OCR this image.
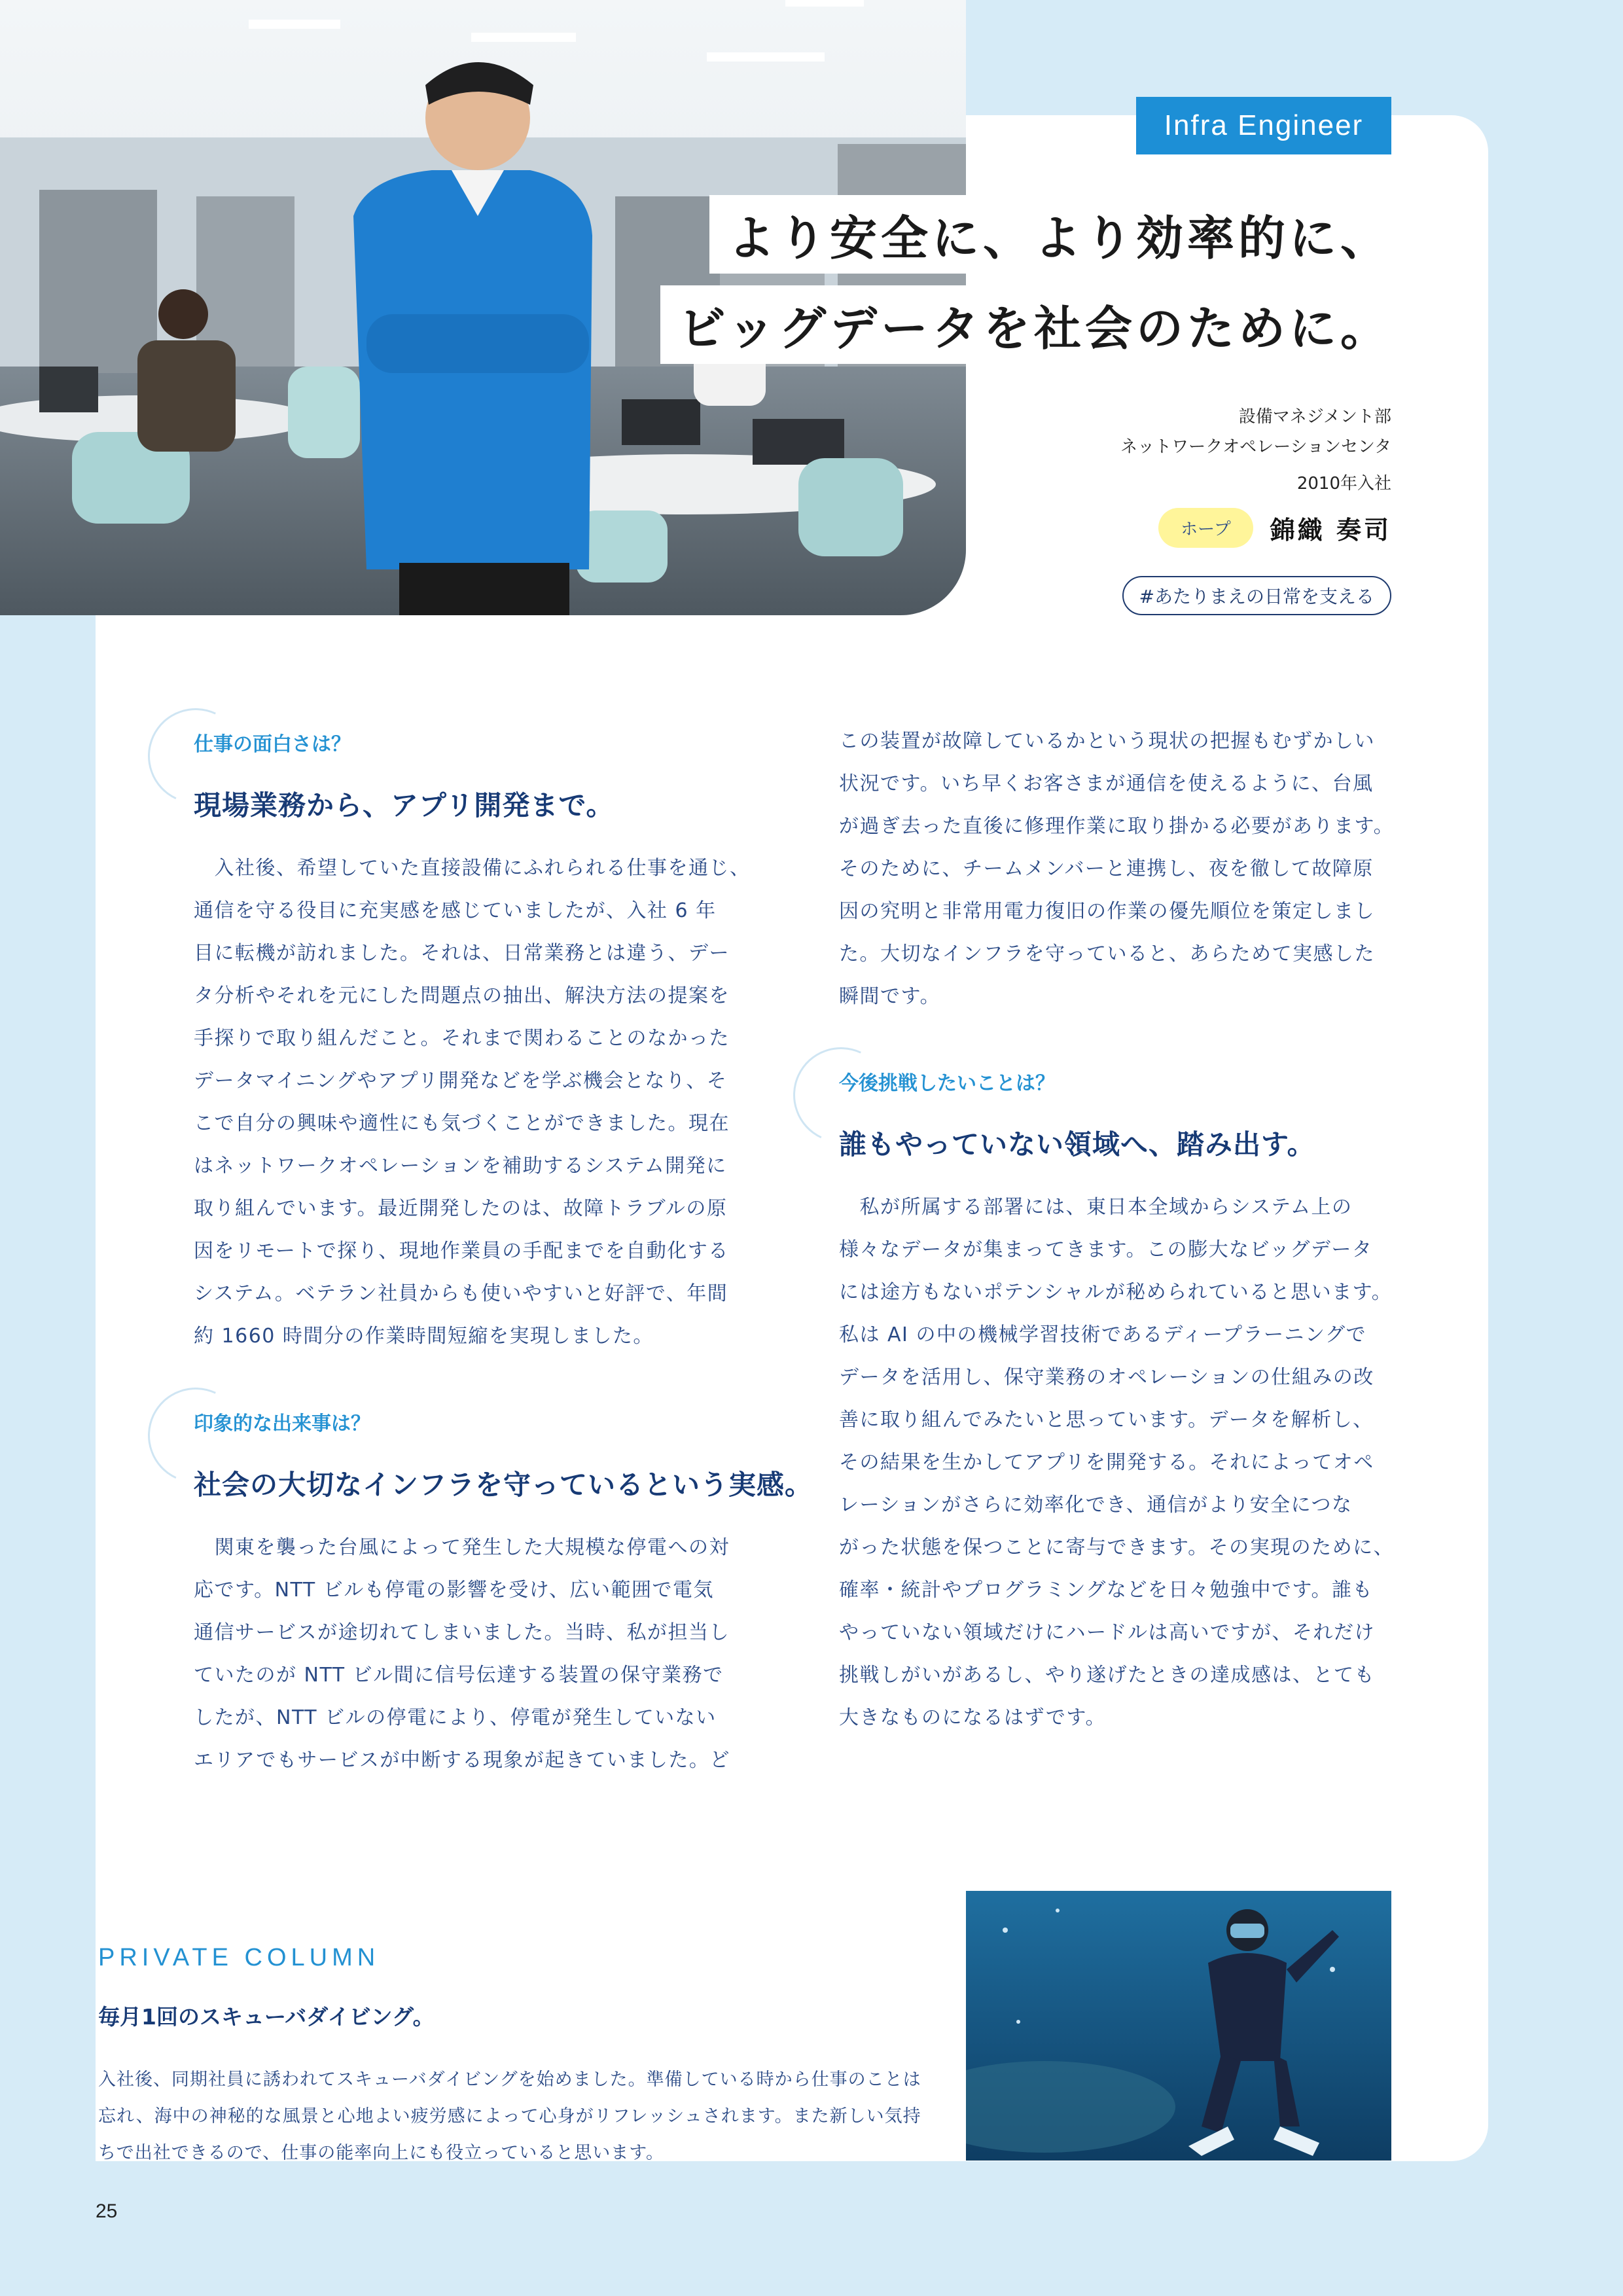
Infra Engineer
より安全に、より効率的に、
ビッグデータを社会のために。
設備マネジメント部
ネットワークオペレーションセンタ
2010年入社
ホープ	錦織 奏司
#あたりまえの日常を支える
仕事の面白さは？
現場業務から、アプリ開発まで。

　入社後、希望していた直接設備にふれられる仕事を通じ、

通信を守る役目に充実感を感じていましたが、入社 6 年

目に転機が訪れました。それは、日常業務とは違う、デー

タ分析やそれを元にした問題点の抽出、解決方法の提案を

手探りで取り組んだこと。それまで関わることのなかった

データマイニングやアプリ開発などを学ぶ機会となり、そ

こで自分の興味や適性にも気づくことができました。現在

はネットワークオペレーションを補助するシステム開発に

取り組んでいます。最近開発したのは、故障トラブルの原

因をリモートで探り、現地作業員の手配までを自動化する

システム。ベテラン社員からも使いやすいと好評で、年間

約 1660 時間分の作業時間短縮を実現しました。

印象的な出来事は？
社会の大切なインフラを守っているという実感。

　関東を襲った台風によって発生した大規模な停電への対

応です。NTT ビルも停電の影響を受け、広い範囲で電気

通信サービスが途切れてしまいました。当時、私が担当し

ていたのが NTT ビル間に信号伝達する装置の保守業務で

したが、NTT ビルの停電により、停電が発生していない

エリアでもサービスが中断する現象が起きていました。ど

この装置が故障しているかという現状の把握もむずかしい

状況です。いち早くお客さまが通信を使えるように、台風

が過ぎ去った直後に修理作業に取り掛かる必要があります。

そのために、チームメンバーと連携し、夜を徹して故障原

因の究明と非常用電力復旧の作業の優先順位を策定しまし

た。大切なインフラを守っていると、あらためて実感した

瞬間です。

今後挑戦したいことは？
誰もやっていない領域へ、踏み出す。

　私が所属する部署には、東日本全域からシステム上の

様々なデータが集まってきます。この膨大なビッグデータ

には途方もないポテンシャルが秘められていると思います。

私は AI の中の機械学習技術であるディープラーニングで

データを活用し、保守業務のオペレーションの仕組みの改

善に取り組んでみたいと思っています。データを解析し、

その結果を生かしてアプリを開発する。それによってオペ

レーションがさらに効率化でき、通信がより安全につな

がった状態を保つことに寄与できます。その実現のために、

確率・統計やプログラミングなどを日々勉強中です。誰も

やっていない領域だけにハードルは高いですが、それだけ

挑戦しがいがあるし、やり遂げたときの達成感は、とても

大きなものになるはずです。

PRIVATE COLUMN
毎月1回のスキューバダイビング。

入社後、同期社員に誘われてスキューバダイビングを始めました。準備している時から仕事のことは

忘れ、海中の神秘的な風景と心地よい疲労感によって心身がリフレッシュされます。また新しい気持

ちで出社できるので、仕事の能率向上にも役立っていると思います。

25
